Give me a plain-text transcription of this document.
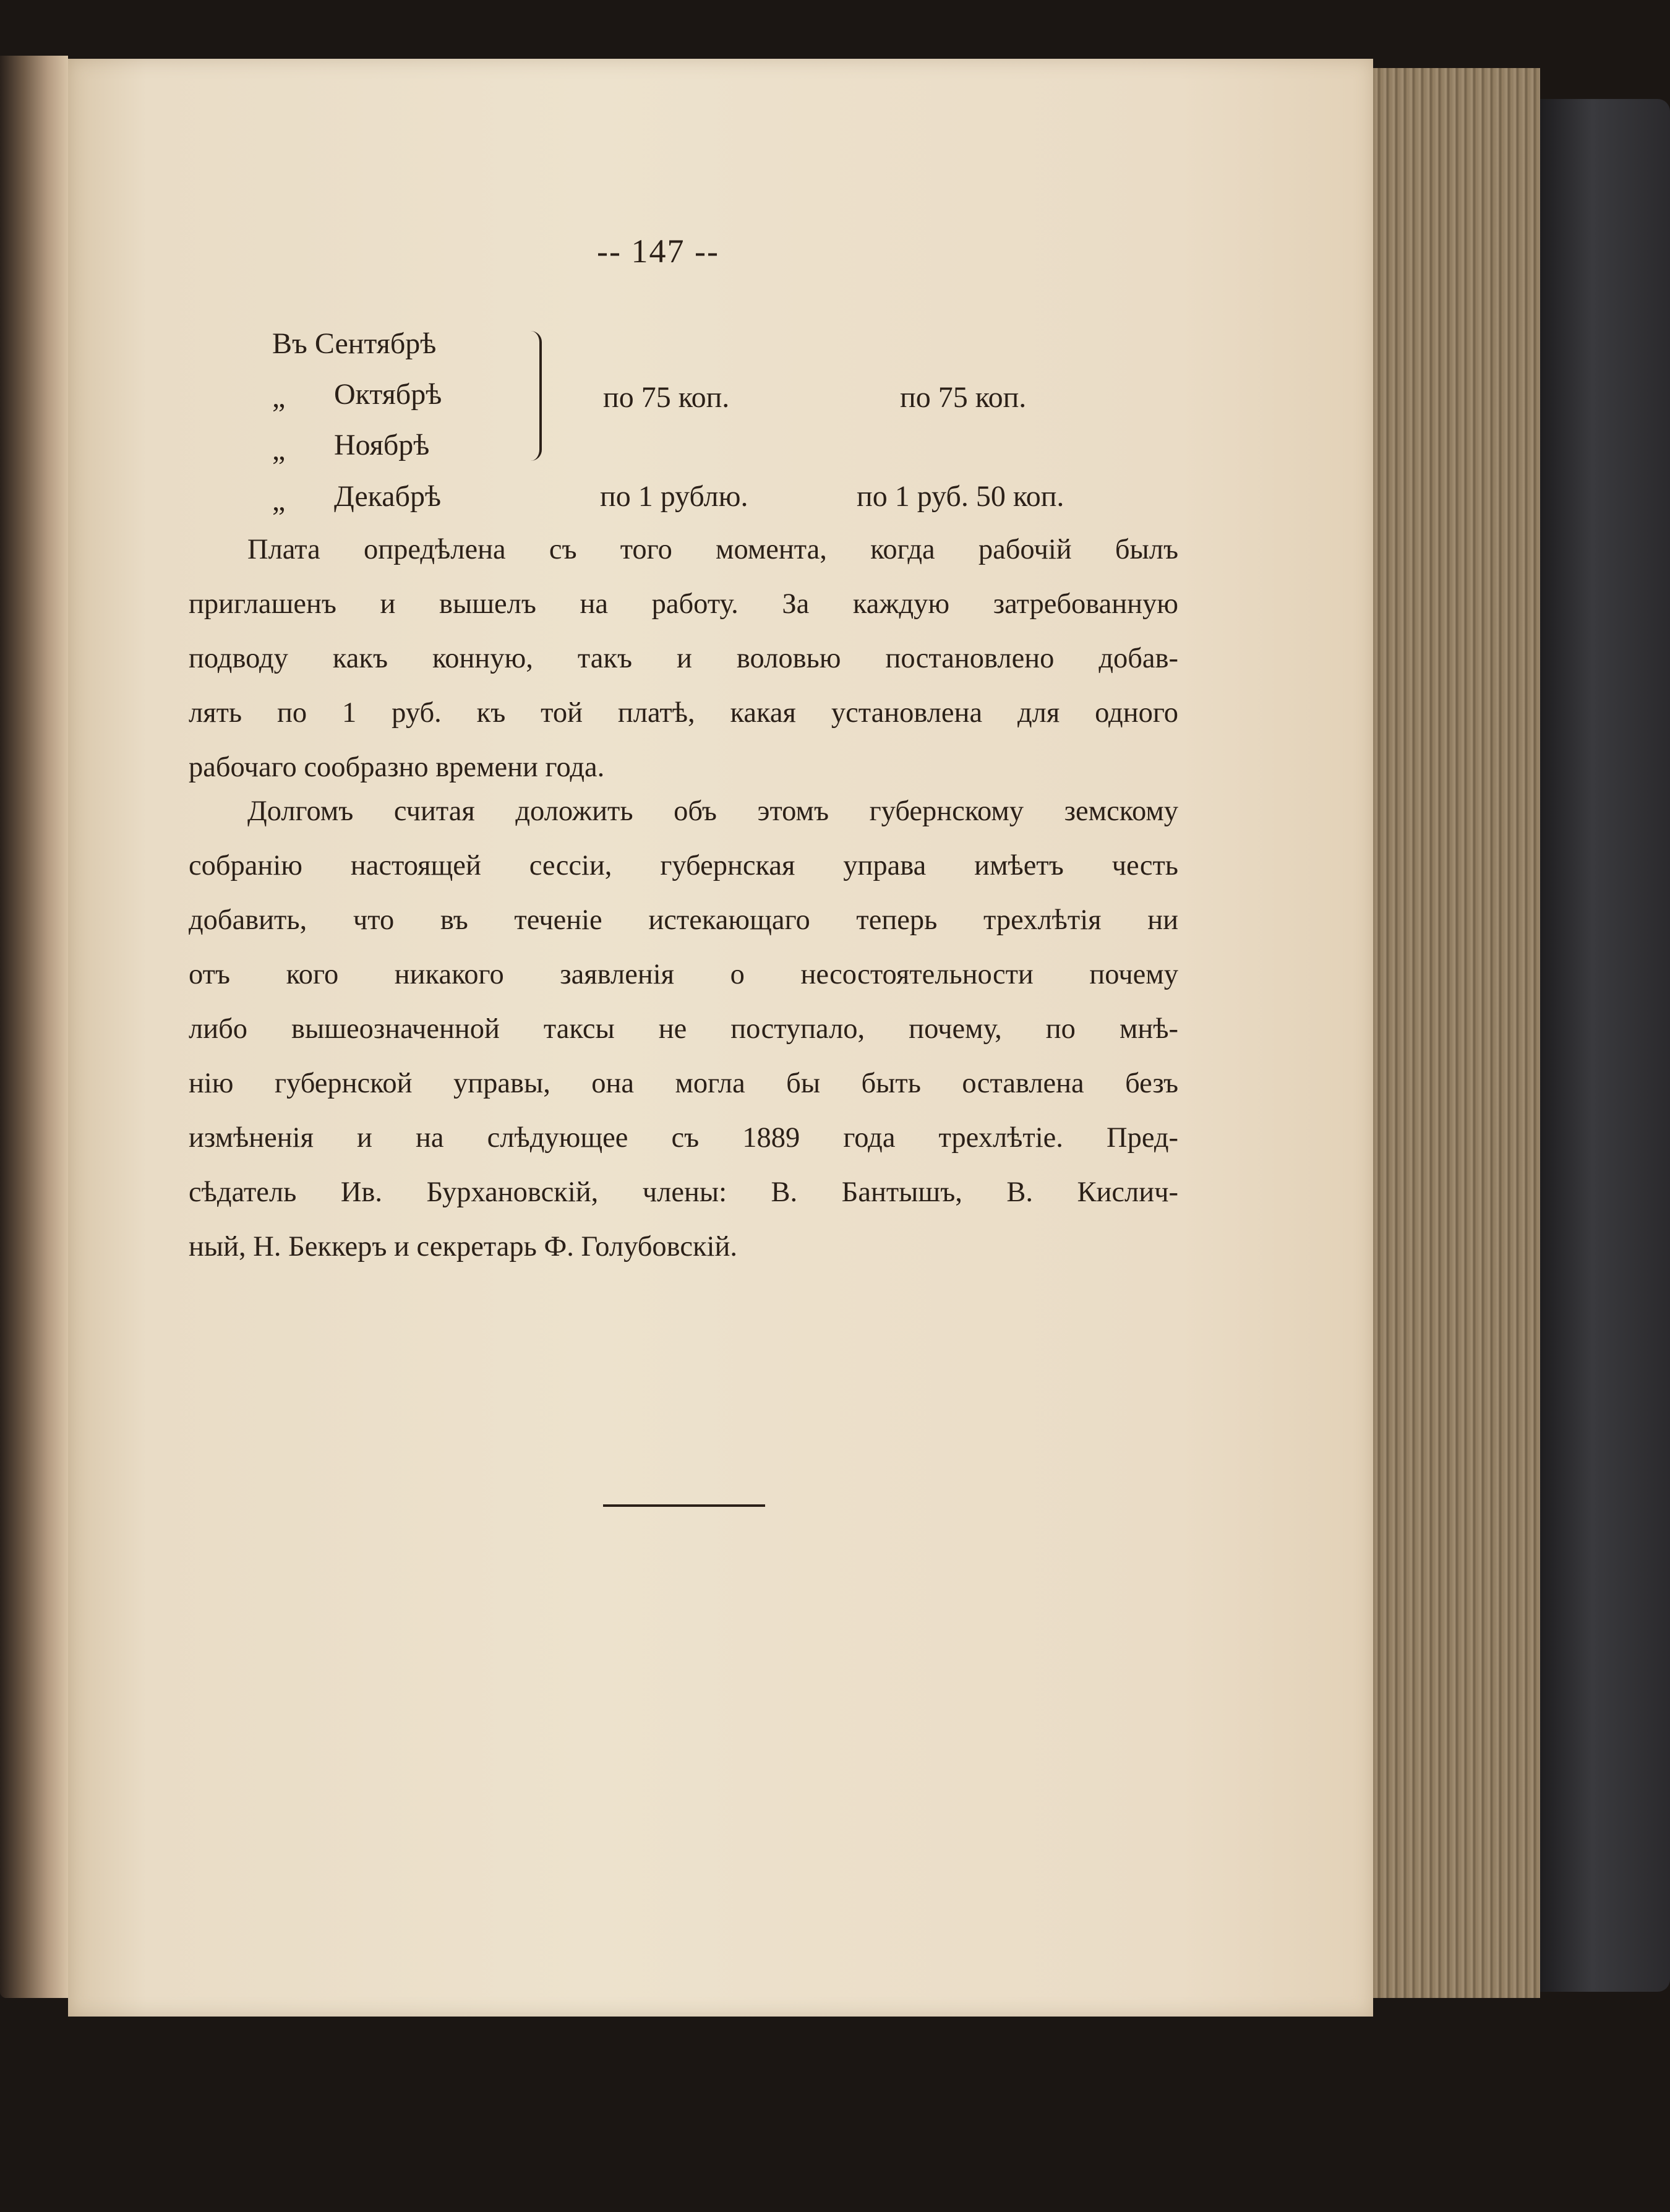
-- 147 --
Въ Сентябрѣ
„ Октябрѣ
„ Ноябрѣ
„ Декабрѣ
по 75 коп.	по 75 коп.
по 1 рублю.	по 1 руб. 50 коп.
Плата опредѣлена съ того момента, когда рабочій былъ
приглашенъ и вышелъ на работу. За каждую затребованную
подводу какъ конную, такъ и воловью постановлено добав-
лять по 1 руб. къ той платѣ, какая установлена для одного
рабочаго сообразно времени года.
Долгомъ считая доложить объ этомъ губернскому земскому
собранію настоящей сессіи, губернская управа имѣетъ честь
добавить, что въ теченіе истекающаго теперь трехлѣтія ни
отъ кого никакого заявленія о несостоятельности почему
либо вышеозначенной таксы не поступало, почему, по мнѣ-
нію губернской управы, она могла бы быть оставлена безъ
измѣненія и на слѣдующее съ 1889 года трехлѣтіе. Пред-
сѣдатель Ив. Бурхановскій, члены: В. Бантышъ, В. Кислич-
ный, Н. Беккеръ и секретарь Ф. Голубовскій.
